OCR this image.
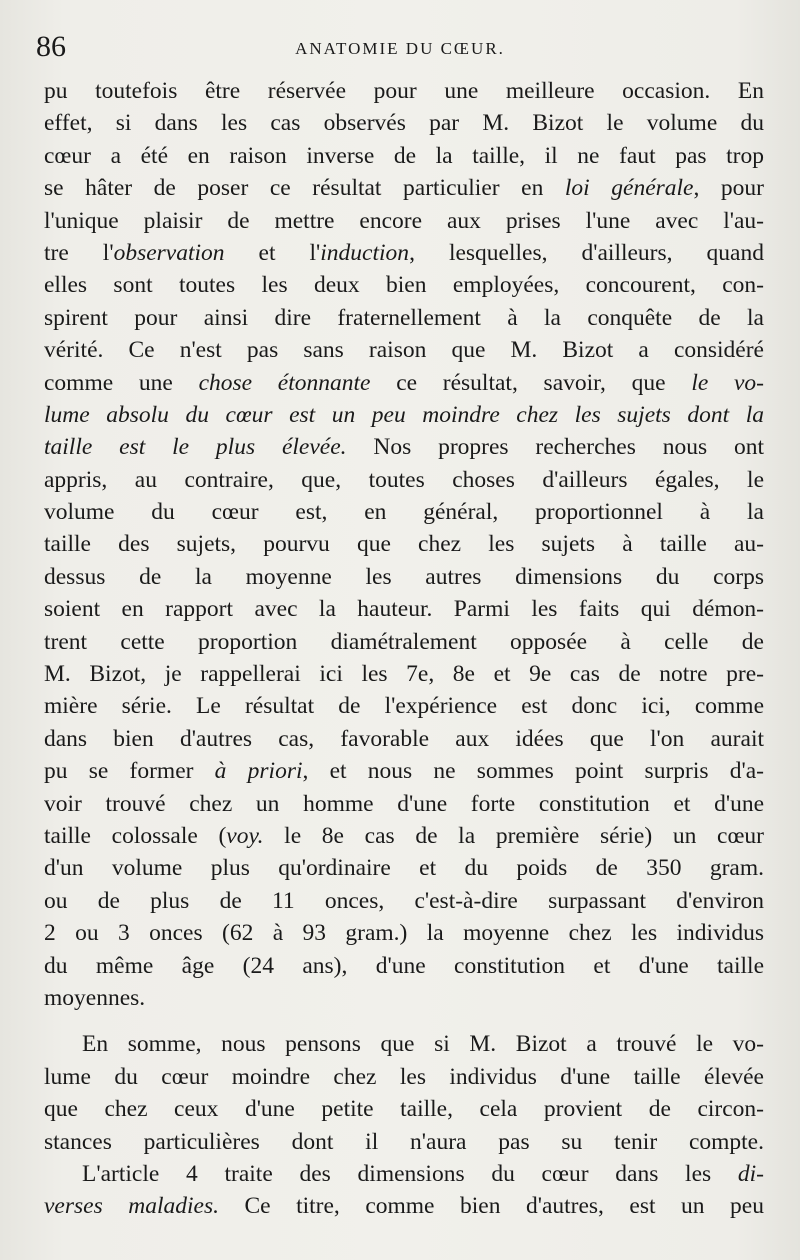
86	ANATOMIE DU CŒUR.
pu toutefois être réservée pour une meilleure occasion. En
effet, si dans les cas observés par M. Bizot le volume du
cœur a été en raison inverse de la taille, il ne faut pas trop
se hâter de poser ce résultat particulier en loi générale, pour
l'unique plaisir de mettre encore aux prises l'une avec l'au-
tre l'observation et l'induction, lesquelles, d'ailleurs, quand
elles sont toutes les deux bien employées, concourent, con-
spirent pour ainsi dire fraternellement à la conquête de la
vérité. Ce n'est pas sans raison que M. Bizot a considéré
comme une chose étonnante ce résultat, savoir, que le vo-
lume absolu du cœur est un peu moindre chez les sujets dont la
taille est le plus élevée. Nos propres recherches nous ont
appris, au contraire, que, toutes choses d'ailleurs égales, le
volume du cœur est, en général, proportionnel à la
taille des sujets, pourvu que chez les sujets à taille au-
dessus de la moyenne les autres dimensions du corps
soient en rapport avec la hauteur. Parmi les faits qui démon-
trent cette proportion diamétralement opposée à celle de
M. Bizot, je rappellerai ici les 7e, 8e et 9e cas de notre pre-
mière série. Le résultat de l'expérience est donc ici, comme
dans bien d'autres cas, favorable aux idées que l'on aurait
pu se former à priori, et nous ne sommes point surpris d'a-
voir trouvé chez un homme d'une forte constitution et d'une
taille colossale (voy. le 8e cas de la première série) un cœur
d'un volume plus qu'ordinaire et du poids de 350 gram.
ou de plus de 11 onces, c'est-à-dire surpassant d'environ
2 ou 3 onces (62 à 93 gram.) la moyenne chez les individus
du même âge (24 ans), d'une constitution et d'une taille
moyennes.
En somme, nous pensons que si M. Bizot a trouvé le vo-
lume du cœur moindre chez les individus d'une taille élevée
que chez ceux d'une petite taille, cela provient de circon-
stances particulières dont il n'aura pas su tenir compte.
L'article 4 traite des dimensions du cœur dans les di-
verses maladies. Ce titre, comme bien d'autres, est un peu
